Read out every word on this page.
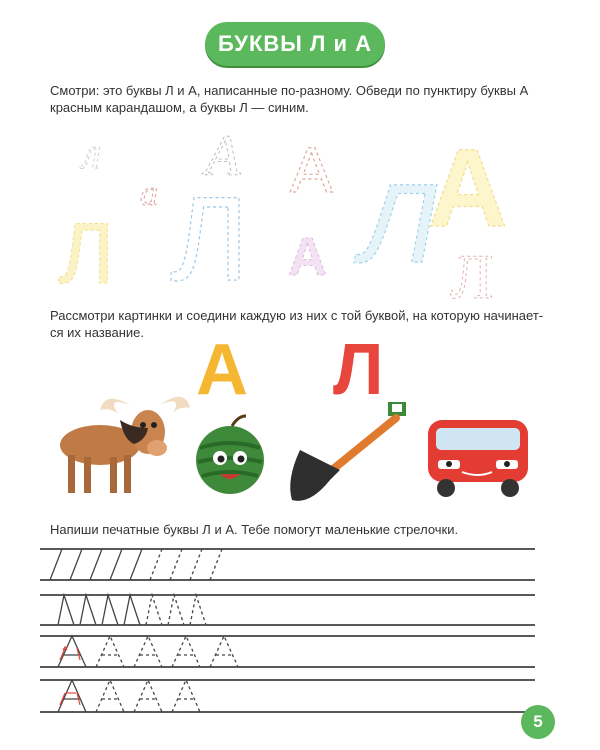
БУКВЫ Л и А
Смотри: это буквы Л и А, написанные по-разному. Обведи по пунктиру буквы А
красным карандашом, а буквы Л — синим.
л
а
А А
Л
Л Л
А
А
Л
Рассмотри картинки и соедини каждую из них с той буквой, на которую начинает-
ся их название. А Л
Напиши печатные буквы Л и А. Тебе помогут маленькие стрелочки.
5
